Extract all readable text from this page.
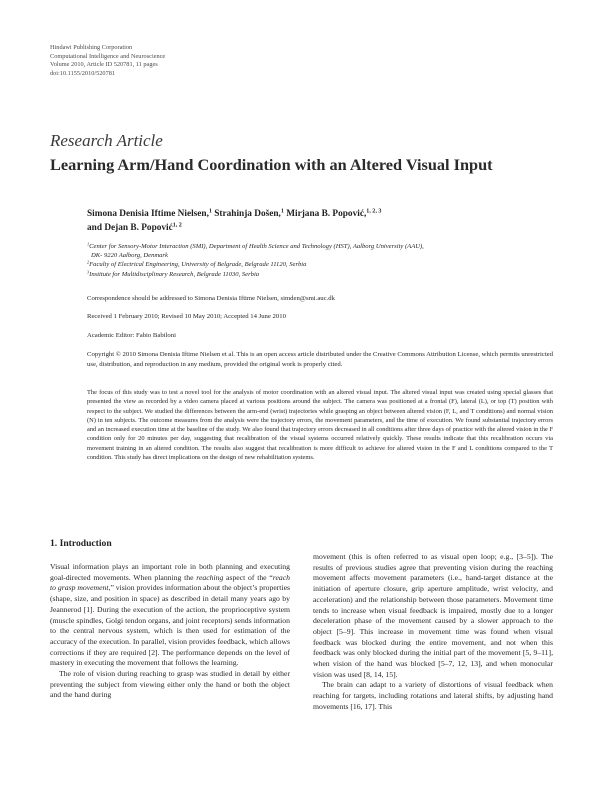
Hindawi Publishing Corporation
Computational Intelligence and Neuroscience
Volume 2010, Article ID 520781, 11 pages
doi:10.1155/2010/520781
Research Article
Learning Arm/Hand Coordination with an Altered Visual Input
Simona Denisia Iftime Nielsen,$^1$ Strahinja Došen,$^1$ Mirjana B. Popović,$^{1, 2, 3}$
and Dejan B. Popović$^{1, 2}$
$^1$Center for Sensory-Motor Interaction (SMI), Department of Health Science and Technology (HST), Aalborg University (AAU),
DK- 9220 Aalborg, Denmark
$^2$Faculty of Electrical Engineering, University of Belgrade, Belgrade 11120, Serbia
$^3$Institute for Multidisciplinary Research, Belgrade 11030, Serbia
Correspondence should be addressed to Simona Denisia Iftime Nielsen, simden@smi.auc.dk
Received 1 February 2010; Revised 10 May 2010; Accepted 14 June 2010
Academic Editor: Fabio Babiloni
Copyright © 2010 Simona Denisia Iftime Nielsen et al. This is an open access article distributed under the Creative Commons Attribution License, which permits unrestricted use, distribution, and reproduction in any medium, provided the original work is properly cited.
The focus of this study was to test a novel tool for the analysis of motor coordination with an altered visual input. The altered visual input was created using special glasses that presented the view as recorded by a video camera placed at various positions around the subject. The camera was positioned at a frontal (F), lateral (L), or top (T) position with respect to the subject. We studied the differences between the arm-end (wrist) trajectories while grasping an object between altered vision (F, L, and T conditions) and normal vision (N) in ten subjects. The outcome measures from the analysis were the trajectory errors, the movement parameters, and the time of execution. We found substantial trajectory errors and an increased execution time at the baseline of the study. We also found that trajectory errors decreased in all conditions after three days of practice with the altered vision in the F condition only for 20 minutes per day, suggesting that recalibration of the visual systems occurred relatively quickly. These results indicate that this recalibration occurs via movement training in an altered condition. The results also suggest that recalibration is more difficult to achieve for altered vision in the F and L conditions compared to the T condition. This study has direct implications on the design of new rehabilitation systems.
1. Introduction

Visual information plays an important role in both planning and executing goal-directed movements. When planning the reaching aspect of the “reach to grasp movement,” vision provides information about the object’s properties (shape, size, and position in space) as described in detail many years ago by Jeannerod [1]. During the execution of the action, the proprioceptive system (muscle spindles, Golgi tendon organs, and joint receptors) sends information to the central nervous system, which is then used for estimation of the accuracy of the execution. In parallel, vision provides feedback, which allows corrections if they are required [2]. The performance depends on the level of mastery in executing the movement that follows the learning.

The role of vision during reaching to grasp was studied in detail by either preventing the subject from viewing either only the hand or both the object and the hand during

movement (this is often referred to as visual open loop; e.g., [3–5]). The results of previous studies agree that preventing vision during the reaching movement affects movement parameters (i.e., hand-target distance at the initiation of aperture closure, grip aperture amplitude, wrist velocity, and acceleration) and the relationship between those parameters. Movement time tends to increase when visual feedback is impaired, mostly due to a longer deceleration phase of the movement caused by a slower approach to the object [5–9]. This increase in movement time was found when visual feedback was blocked during the entire movement, and not when this feedback was only blocked during the initial part of the movement [5, 9–11], when vision of the hand was blocked [5–7, 12, 13], and when monocular vision was used [8, 14, 15].

The brain can adapt to a variety of distortions of visual feedback when reaching for targets, including rotations and lateral shifts, by adjusting hand movements [16, 17]. This
